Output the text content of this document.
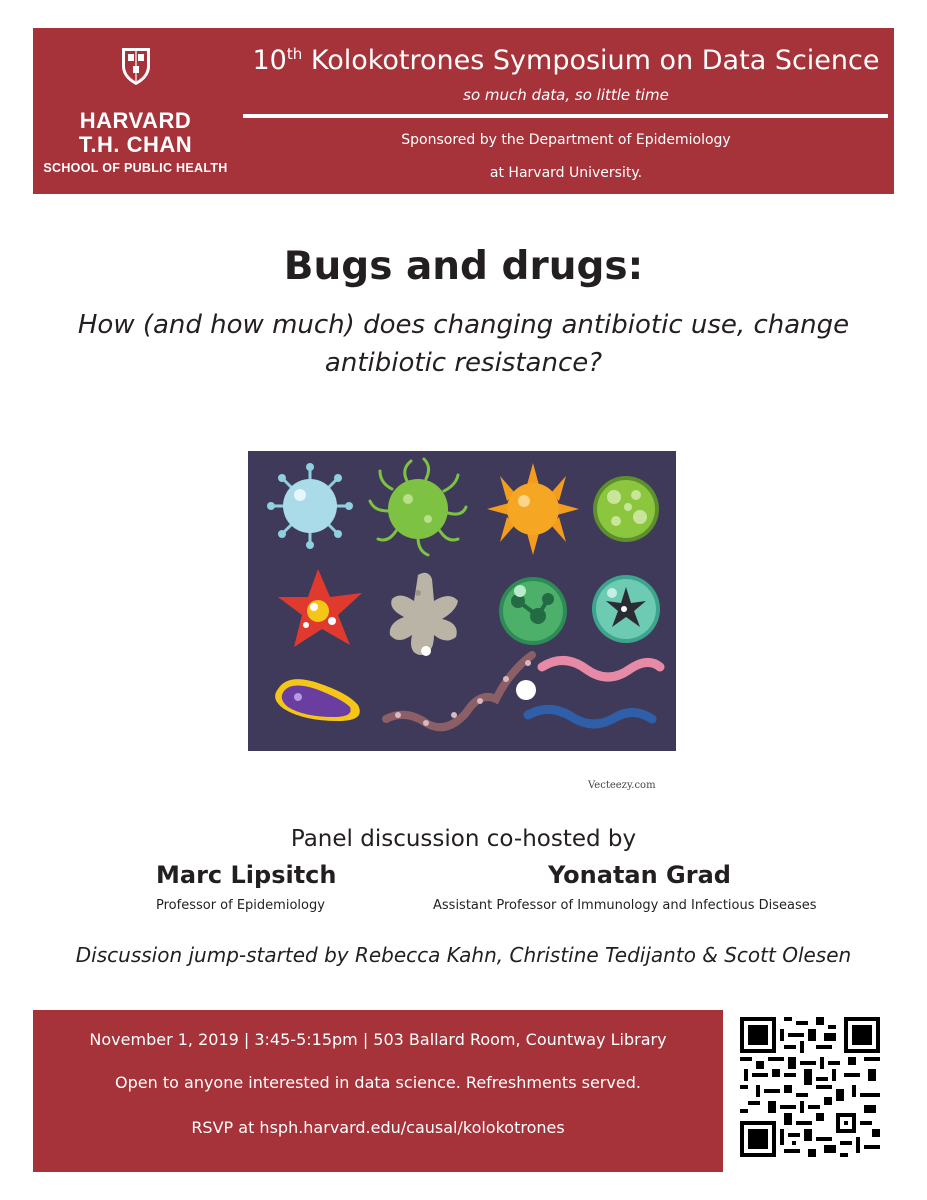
HARVARD
T.H. CHAN
SCHOOL OF PUBLIC HEALTH
10th Kolokotrones Symposium on Data Science
so much data, so little time
Sponsored by the Department of Epidemiology
at Harvard University.
Bugs and drugs:
How (and how much) does changing antibiotic use, change
antibiotic resistance?
Vecteezy.com
Panel discussion co-hosted by
Marc Lipsitch
Professor of Epidemiology
Yonatan Grad
Assistant Professor of Immunology and Infectious Diseases
Discussion jump-started by Rebecca Kahn, Christine Tedijanto & Scott Olesen
November 1, 2019 | 3:45-5:15pm | 503 Ballard Room, Countway Library
Open to anyone interested in data science. Refreshments served.
RSVP at hsph.harvard.edu/causal/kolokotrones
